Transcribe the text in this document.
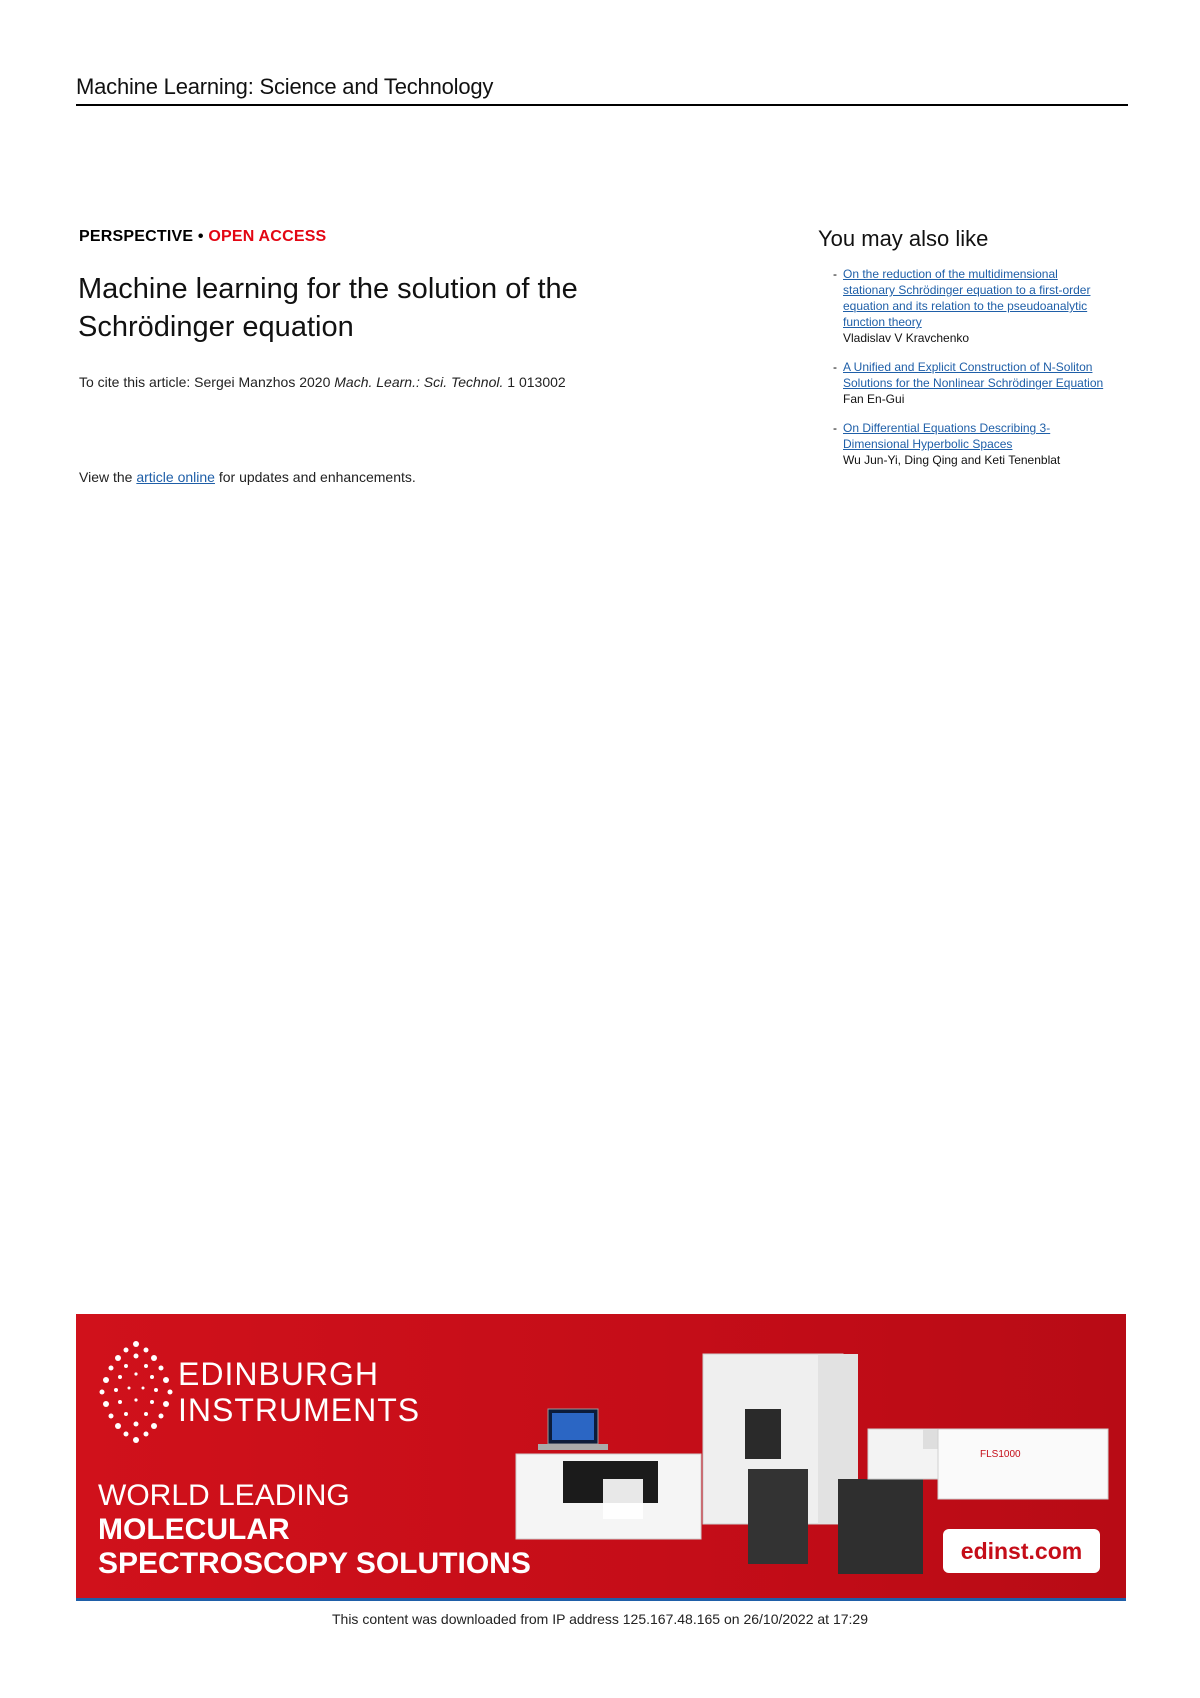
Machine Learning: Science and Technology
PERSPECTIVE • OPEN ACCESS
Machine learning for the solution of the Schrödinger equation
To cite this article: Sergei Manzhos 2020 Mach. Learn.: Sci. Technol. 1 013002
View the article online for updates and enhancements.
You may also like
- On the reduction of the multidimensional stationary Schrödinger equation to a first-order equation and its relation to the pseudoanalytic function theory
Vladislav V Kravchenko
- A Unified and Explicit Construction of N-Soliton Solutions for the Nonlinear Schrödinger Equation
Fan En-Gui
- On Differential Equations Describing 3-Dimensional Hyperbolic Spaces
Wu Jun-Yi, Ding Qing and Keti Tenenblat
EDINBURGH
INSTRUMENTS
FLS1000
WORLD LEADING
MOLECULAR
SPECTROSCOPY SOLUTIONS	edinst.com
This content was downloaded from IP address 125.167.48.165 on 26/10/2022 at 17:29
